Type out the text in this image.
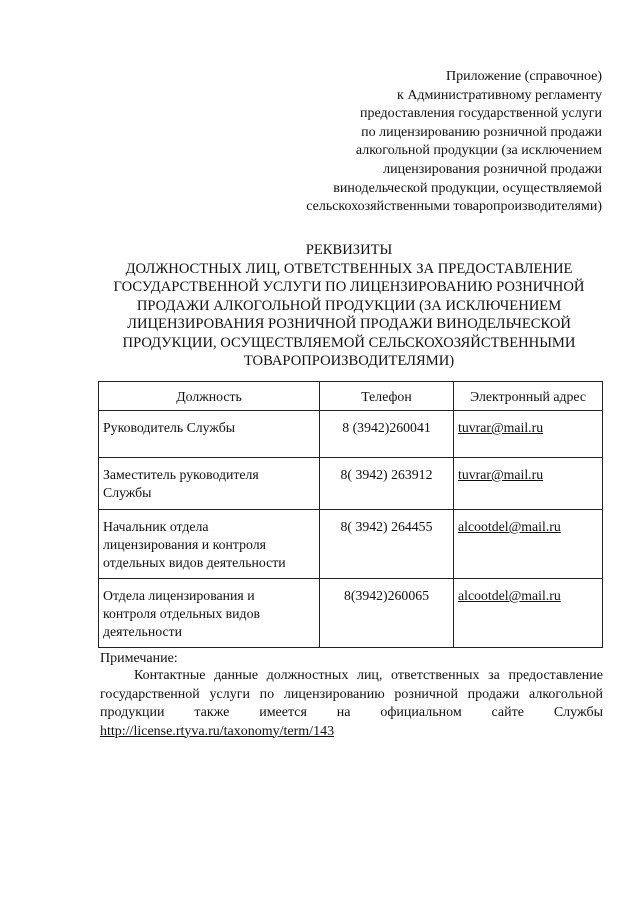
Приложение (справочное)
к Административному регламенту
предоставления государственной услуги
по лицензированию розничной продажи
алкогольной продукции (за исключением
лицензирования розничной продажи
винодельческой продукции, осуществляемой
сельскохозяйственными товаропроизводителями)
РЕКВИЗИТЫ
ДОЛЖНОСТНЫХ ЛИЦ, ОТВЕТСТВЕННЫХ ЗА ПРЕДОСТАВЛЕНИЕ
ГОСУДАРСТВЕННОЙ УСЛУГИ ПО ЛИЦЕНЗИРОВАНИЮ РОЗНИЧНОЙ
ПРОДАЖИ АЛКОГОЛЬНОЙ ПРОДУКЦИИ (ЗА ИСКЛЮЧЕНИЕМ
ЛИЦЕНЗИРОВАНИЯ РОЗНИЧНОЙ ПРОДАЖИ ВИНОДЕЛЬЧЕСКОЙ
ПРОДУКЦИИ, ОСУЩЕСТВЛЯЕМОЙ СЕЛЬСКОХОЗЯЙСТВЕННЫМИ
ТОВАРОПРОИЗВОДИТЕЛЯМИ)
Должность	Телефон	Электронный адрес

Руководитель Службы	8 (3942)260041	tuvrar@mail.ru

Заместитель руководителя
Службы	8( 3942) 263912	tuvrar@mail.ru

Начальник отдела
лицензирования и контроля
отдельных видов деятельности	8( 3942) 264455	alcootdel@mail.ru

Отдела лицензирования и
контроля отдельных видов
деятельности	8(3942)260065	alcootdel@mail.ru
Примечание:
Контактные данные должностных лиц, ответственных за предоставление государственной услуги по лицензированию розничной продажи алкогольной продукции также имеется на официальном сайте Службы http://license.rtyva.ru/taxonomy/term/143
